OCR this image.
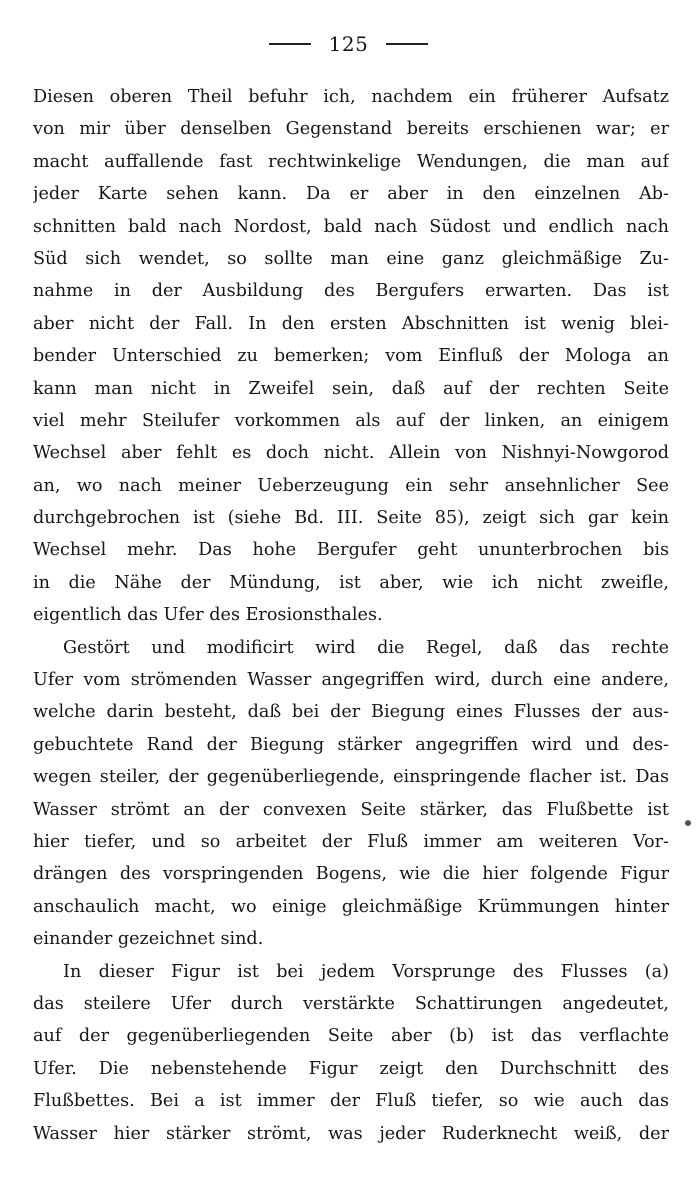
125
Diesen oberen Theil befuhr ich, nachdem ein früherer Aufsatz
von mir über denselben Gegenstand bereits erschienen war; er
macht auffallende fast rechtwinkelige Wendungen, die man auf
jeder Karte sehen kann. Da er aber in den einzelnen Ab-
schnitten bald nach Nordost, bald nach Südost und endlich nach
Süd sich wendet, so sollte man eine ganz gleichmäßige Zu-
nahme in der Ausbildung des Bergufers erwarten. Das ist
aber nicht der Fall. In den ersten Abschnitten ist wenig blei-
bender Unterschied zu bemerken; vom Einfluß der Mologa an
kann man nicht in Zweifel sein, daß auf der rechten Seite
viel mehr Steilufer vorkommen als auf der linken, an einigem
Wechsel aber fehlt es doch nicht. Allein von Nishnyi-Nowgorod
an, wo nach meiner Ueberzeugung ein sehr ansehnlicher See
durchgebrochen ist (siehe Bd. III. Seite 85), zeigt sich gar kein
Wechsel mehr. Das hohe Bergufer geht ununterbrochen bis
in die Nähe der Mündung, ist aber, wie ich nicht zweifle,
eigentlich das Ufer des Erosionsthales.
Gestört und modificirt wird die Regel, daß das rechte
Ufer vom strömenden Wasser angegriffen wird, durch eine andere,
welche darin besteht, daß bei der Biegung eines Flusses der aus-
gebuchtete Rand der Biegung stärker angegriffen wird und des-
wegen steiler, der gegenüberliegende, einspringende flacher ist. Das
Wasser strömt an der convexen Seite stärker, das Flußbette ist
hier tiefer, und so arbeitet der Fluß immer am weiteren Vor-
drängen des vorspringenden Bogens, wie die hier folgende Figur
anschaulich macht, wo einige gleichmäßige Krümmungen hinter
einander gezeichnet sind.
In dieser Figur ist bei jedem Vorsprunge des Flusses (a)
das steilere Ufer durch verstärkte Schattirungen angedeutet,
auf der gegenüberliegenden Seite aber (b) ist das verflachte
Ufer. Die nebenstehende Figur zeigt den Durchschnitt des
Flußbettes. Bei a ist immer der Fluß tiefer, so wie auch das
Wasser hier stärker strömt, was jeder Ruderknecht weiß, der
